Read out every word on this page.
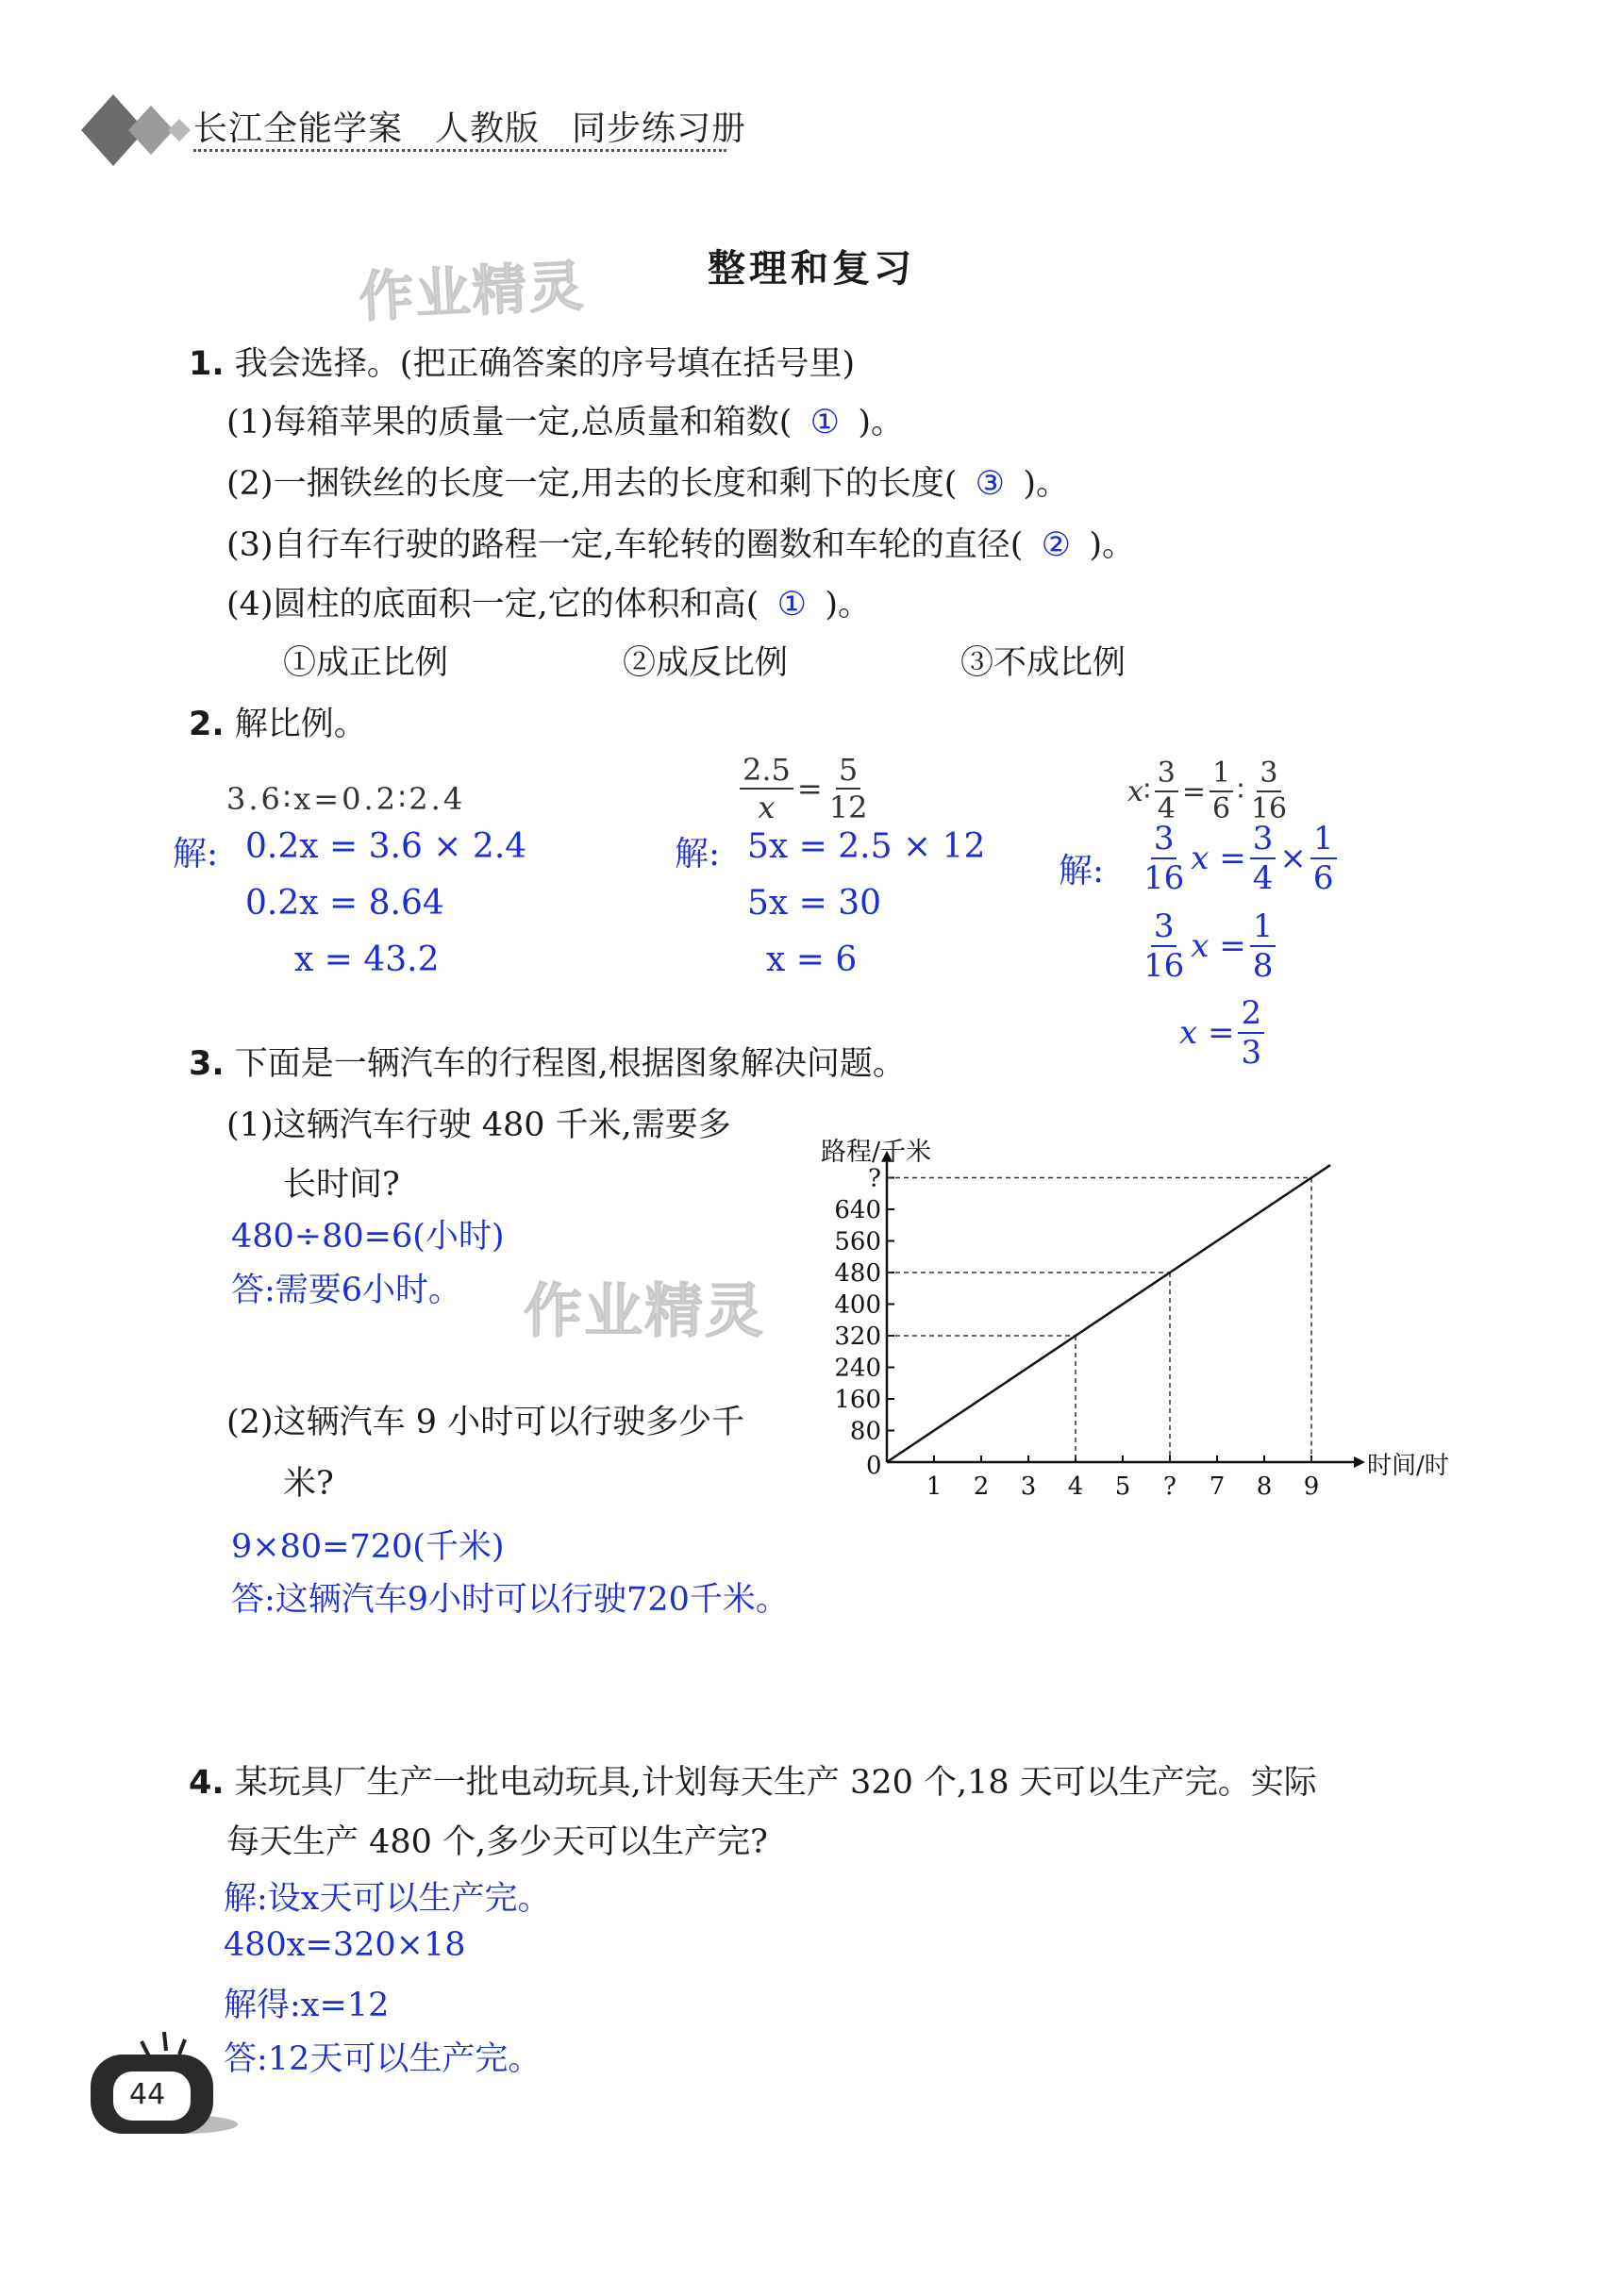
长江全能学案 人教版 同步练习册
作业精灵	整理和复习
1. 我会选择。(把正确答案的序号填在括号里)
(1)每箱苹果的质量一定,总质量和箱数( ① )。
(2)一捆铁丝的长度一定,用去的长度和剩下的长度( ③ )。
(3)自行车行驶的路程一定,车轮转的圈数和车轮的直径( ② )。
(4)圆柱的底面积一定,它的体积和高( ① )。
①成正比例	②成反比例	③不成比例
2. 解比例。
3.6∶x=0.2∶2.4
解: 0.2x = 3.6 × 2.4
0.2x = 8.64
x = 43.2
$\frac{2.5}{x} = \frac{5}{12}$
解: 5x = 2.5 × 12
5x = 30
x = 6
x ∶ $\frac{3}{4} = \frac{1}{6}$ ∶ $\frac{3}{16}$
解: $\frac{3}{16}$ $x = \frac{3}{4} \times \frac{1}{6}$
$\frac{3}{16}$ $x = \frac{1}{8}$
$x = \frac{2}{3}$
3. 下面是一辆汽车的行程图,根据图象解决问题。
(1)这辆汽车行驶 480 千米,需要多
长时间?
480÷80=6(小时)
答:需要6小时。 作业精灵
(2)这辆汽车 9 小时可以行驶多少千
米?
9×80=720(千米)
答:这辆汽车9小时可以行驶720千米。
路程/千米
时间/时
0
1 2 3 4 5 ? 7 8 9
80
160
240
320
400
480
560
640
?
4. 某玩具厂生产一批电动玩具,计划每天生产 320 个,18 天可以生产完。实际
每天生产 480 个,多少天可以生产完?
解:设x天可以生产完。
480x=320×18
解得:x=12
答:12天可以生产完。
44
